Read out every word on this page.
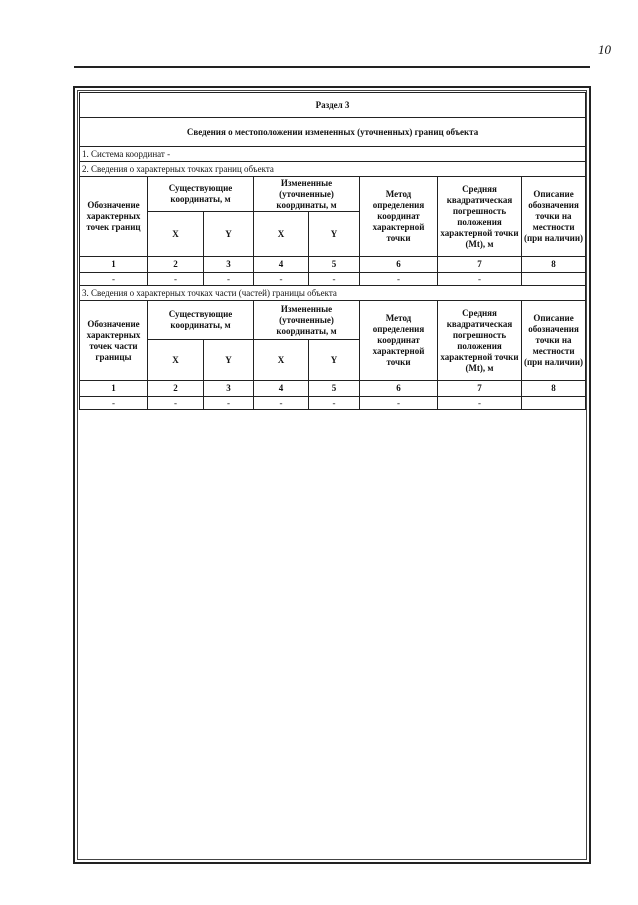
10
Раздел 3							
Сведения о местоположении измененных (уточненных) границ объекта							
1. Система координат -							
2. Сведения о характерных точках границ объекта							
Обозначение характерных точек границ	Существующие координаты, м		Измененные (уточненные) координаты, м		Метод определения координат характерной точки	Средняя квадратическая погрешность положения характерной точки (Mt), м	Описание обозначения точки на местности (при наличии)
	X	Y	X	Y			
1	2	3	4	5	6	7	8
-	-	-	-	-	-	-	
3. Сведения о характерных точках части (частей) границы объекта							
Обозначение характерных точек части границы	Существующие координаты, м		Измененные (уточненные) координаты, м		Метод определения координат характерной точки	Средняя квадратическая погрешность положения характерной точки (Mt), м	Описание обозначения точки на местности (при наличии)
	X	Y	X	Y			
1	2	3	4	5	6	7	8
-	-	-	-	-	-	-	
